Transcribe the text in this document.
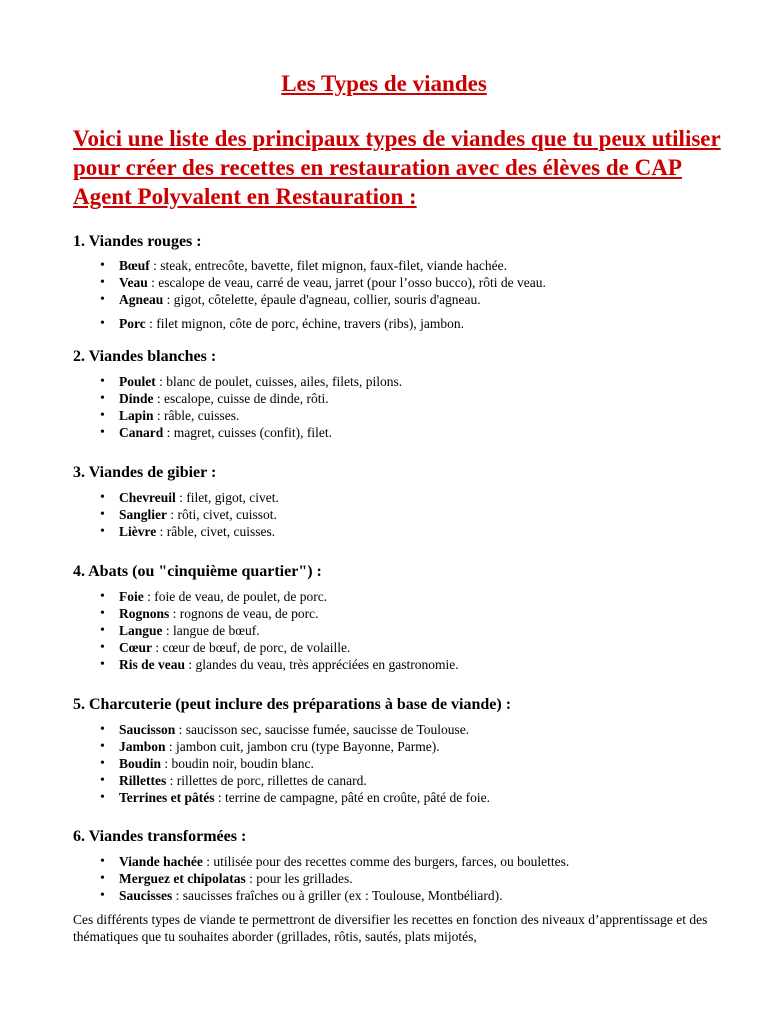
Les Types de viandes
Voici une liste des principaux types de viandes que tu peux utiliser pour créer des recettes en restauration avec des élèves de CAP Agent Polyvalent en Restauration :
1. Viandes rouges :
• Bœuf : steak, entrecôte, bavette, filet mignon, faux-filet, viande hachée.
• Veau : escalope de veau, carré de veau, jarret (pour l’osso bucco), rôti de veau.
• Agneau : gigot, côtelette, épaule d'agneau, collier, souris d'agneau.
• Porc : filet mignon, côte de porc, échine, travers (ribs), jambon.
2. Viandes blanches :
• Poulet : blanc de poulet, cuisses, ailes, filets, pilons.
• Dinde : escalope, cuisse de dinde, rôti.
• Lapin : râble, cuisses.
• Canard : magret, cuisses (confit), filet.
3. Viandes de gibier :
• Chevreuil : filet, gigot, civet.
• Sanglier : rôti, civet, cuissot.
• Lièvre : râble, civet, cuisses.
4. Abats (ou "cinquième quartier") :
• Foie : foie de veau, de poulet, de porc.
• Rognons : rognons de veau, de porc.
• Langue : langue de bœuf.
• Cœur : cœur de bœuf, de porc, de volaille.
• Ris de veau : glandes du veau, très appréciées en gastronomie.
5. Charcuterie (peut inclure des préparations à base de viande) :
• Saucisson : saucisson sec, saucisse fumée, saucisse de Toulouse.
• Jambon : jambon cuit, jambon cru (type Bayonne, Parme).
• Boudin : boudin noir, boudin blanc.
• Rillettes : rillettes de porc, rillettes de canard.
• Terrines et pâtés : terrine de campagne, pâté en croûte, pâté de foie.
6. Viandes transformées :
• Viande hachée : utilisée pour des recettes comme des burgers, farces, ou boulettes.
• Merguez et chipolatas : pour les grillades.
• Saucisses : saucisses fraîches ou à griller (ex : Toulouse, Montbéliard).
Ces différents types de viande te permettront de diversifier les recettes en fonction des niveaux d’apprentissage et des thématiques que tu souhaites aborder (grillades, rôtis, sautés, plats mijotés,
